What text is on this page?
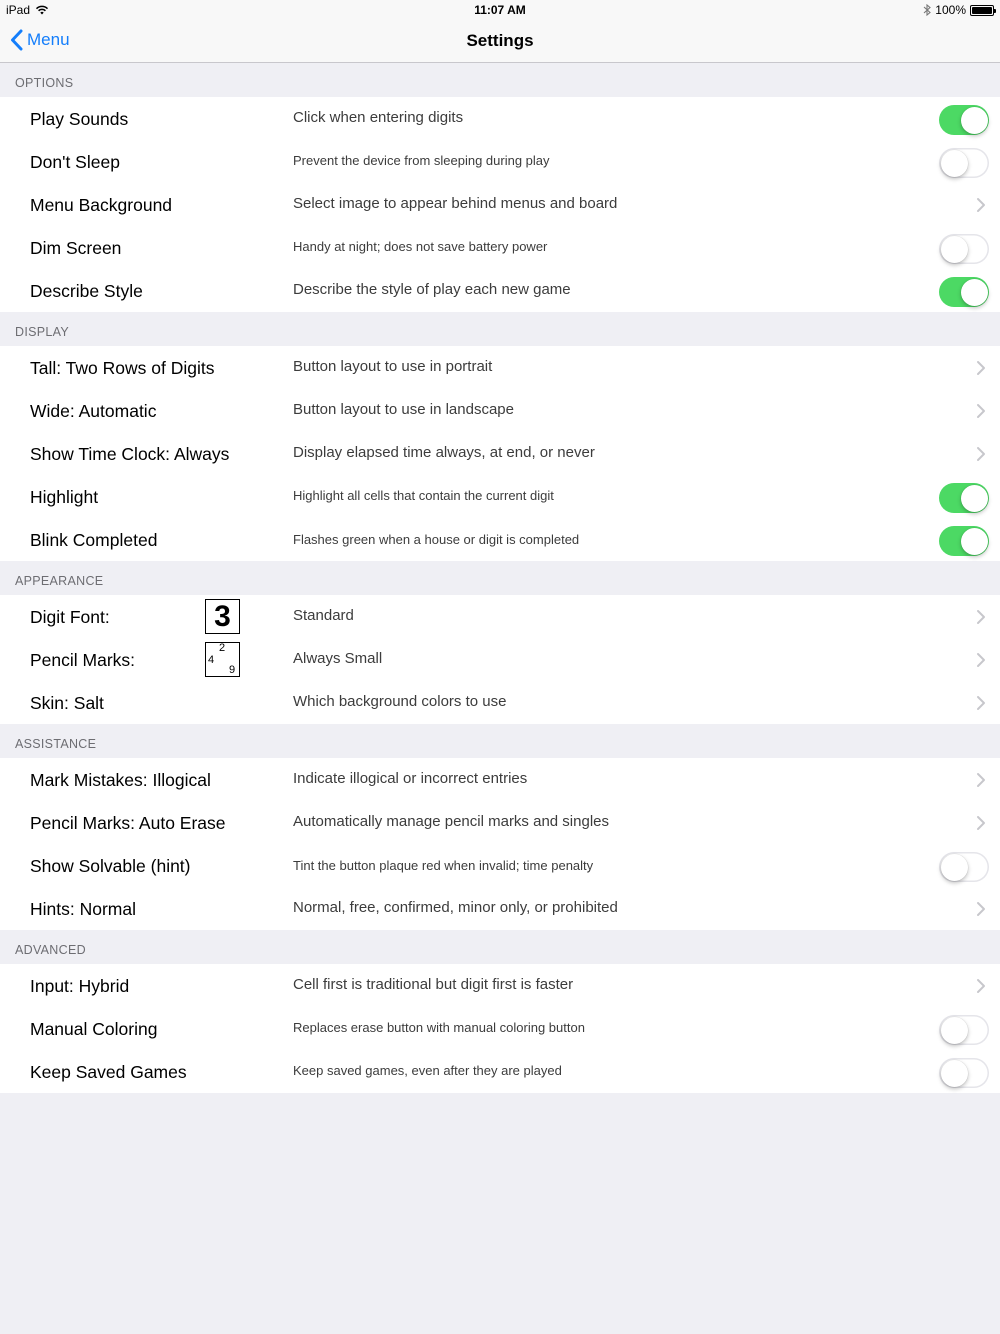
iPad	11:07 AM	100%
Menu	Settings
OPTIONS
Play Sounds	Click when entering digits
Don't Sleep	Prevent the device from sleeping during play
Menu Background	Select image to appear behind menus and board
Dim Screen	Handy at night; does not save battery power
Describe Style	Describe the style of play each new game
DISPLAY
Tall: Two Rows of Digits	Button layout to use in portrait
Wide: Automatic	Button layout to use in landscape
Show Time Clock: Always	Display elapsed time always, at end, or never
Highlight	Highlight all cells that contain the current digit
Blink Completed	Flashes green when a house or digit is completed
APPEARANCE
Digit Font:	Standard
3
Pencil Marks:	Always Small
2
4
9
Skin: Salt	Which background colors to use
ASSISTANCE
Mark Mistakes: Illogical	Indicate illogical or incorrect entries
Pencil Marks: Auto Erase	Automatically manage pencil marks and singles
Show Solvable (hint)	Tint the button plaque red when invalid; time penalty
Hints: Normal	Normal, free, confirmed, minor only, or prohibited
ADVANCED
Input: Hybrid	Cell first is traditional but digit first is faster
Manual Coloring	Replaces erase button with manual coloring button
Keep Saved Games	Keep saved games, even after they are played
